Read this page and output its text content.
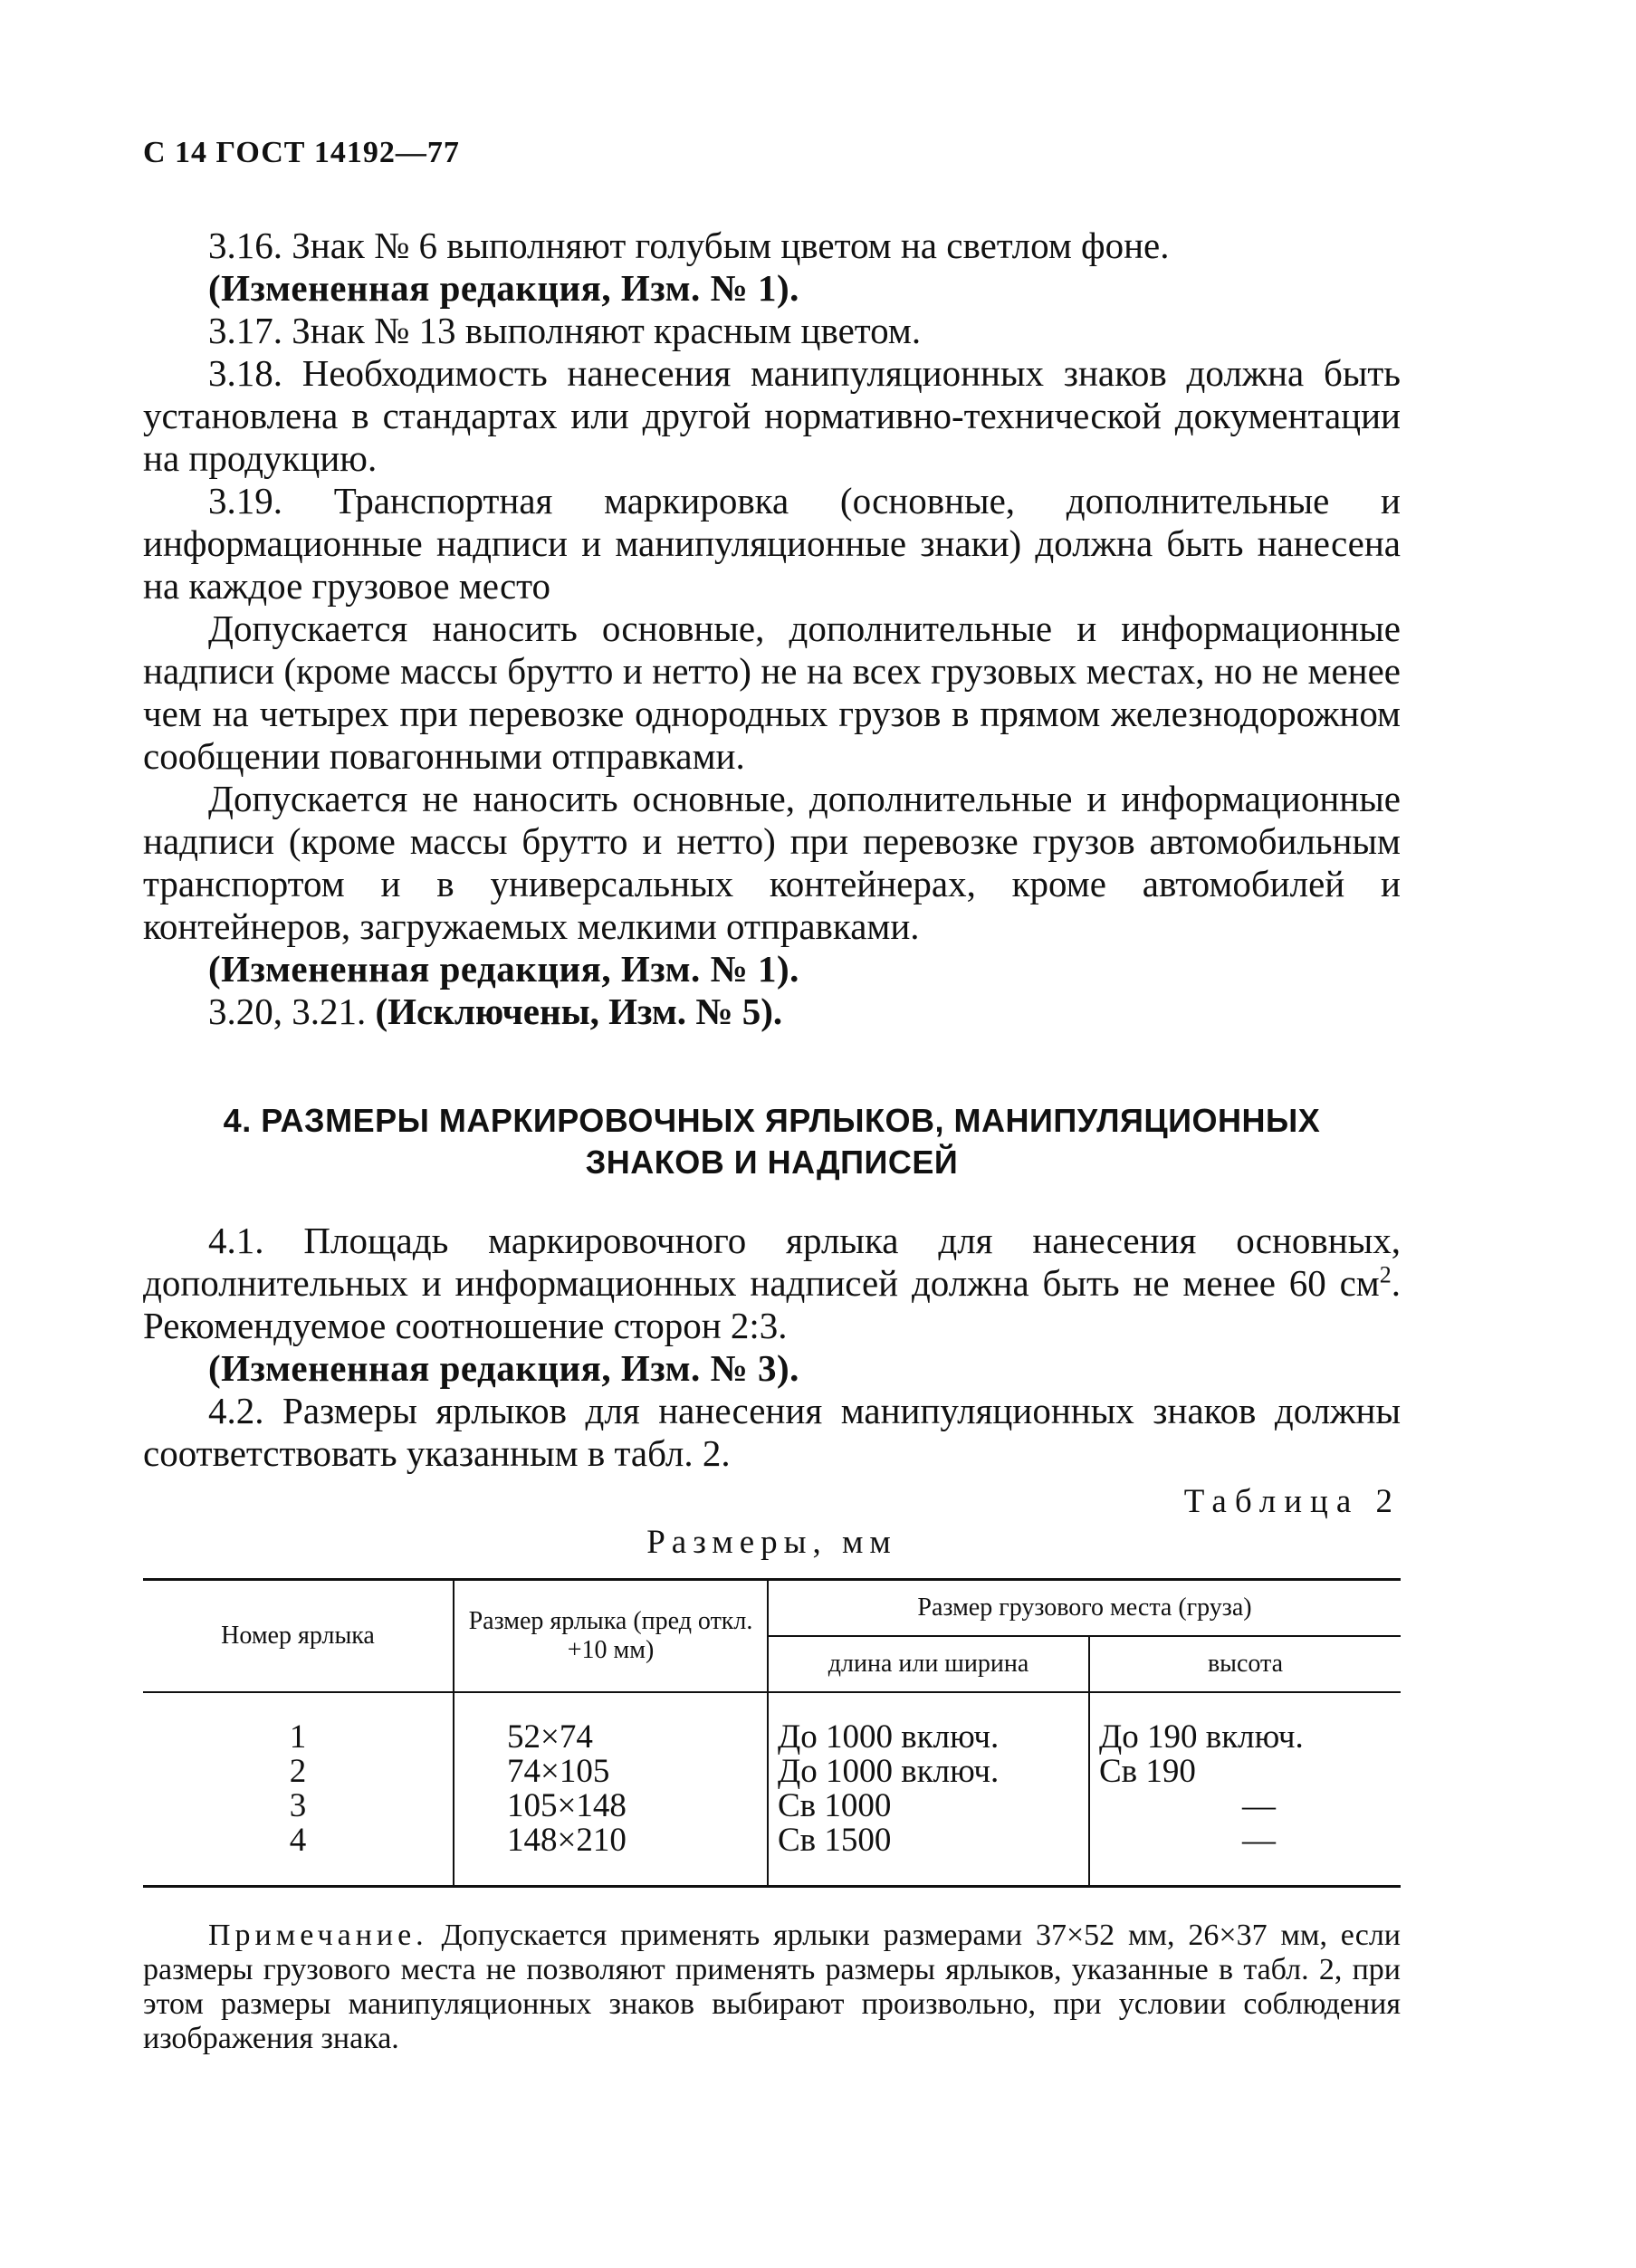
С 14 ГОСТ 14192—77

3.16. Знак № 6 выполняют голубым цветом на светлом фоне.

(Измененная редакция, Изм. № 1).

3.17. Знак № 13 выполняют красным цветом.

3.18. Необходимость нанесения манипуляционных знаков должна быть установлена в стандартах или другой нормативно-технической документации на продукцию.

3.19. Транспортная маркировка (основные, дополнительные и информационные надписи и манипуляционные знаки) должна быть нанесена на каждое грузовое место

Допускается наносить основные, дополнительные и информационные надписи (кроме массы брутто и нетто) не на всех грузовых местах, но не менее чем на четырех при перевозке однородных грузов в прямом железнодорожном сообщении повагонными отправками.

Допускается не наносить основные, дополнительные и информационные надписи (кроме массы брутто и нетто) при перевозке грузов автомобильным транспортом и в универсальных контейнерах, кроме автомобилей и контейнеров, загружаемых мелкими отправками.

(Измененная редакция, Изм. № 1).

3.20, 3.21. (Исключены, Изм. № 5).

4. РАЗМЕРЫ МАРКИРОВОЧНЫХ ЯРЛЫКОВ, МАНИПУЛЯЦИОННЫХ
ЗНАКОВ И НАДПИСЕЙ

4.1. Площадь маркировочного ярлыка для нанесения основных, дополнительных и информационных надписей должна быть не менее 60 $см^2$. Рекомендуемое соотношение сторон 2:3.

(Измененная редакция, Изм. № 3).

4.2. Размеры ярлыков для нанесения манипуляционных знаков должны соответствовать указанным в табл. 2.

Таблица 2
Размеры, мм
Номер ярлыка	Размер ярлыка (пред откл. +10 мм)	Размер грузового места (груза)	
		длина или ширина	высота
1	52×74	До 1000 включ.	До 190 включ.
2	74×105	До 1000 включ.	Св 190
3	105×148	Св 1000	—
4	148×210	Св 1500	—

Примечание. Допускается применять ярлыки размерами 37×52 мм, 26×37 мм, если размеры грузового места не позволяют применять размеры ярлыков, указанные в табл. 2, при этом размеры манипуляционных знаков выбирают произвольно, при условии соблюдения изображения знака.
